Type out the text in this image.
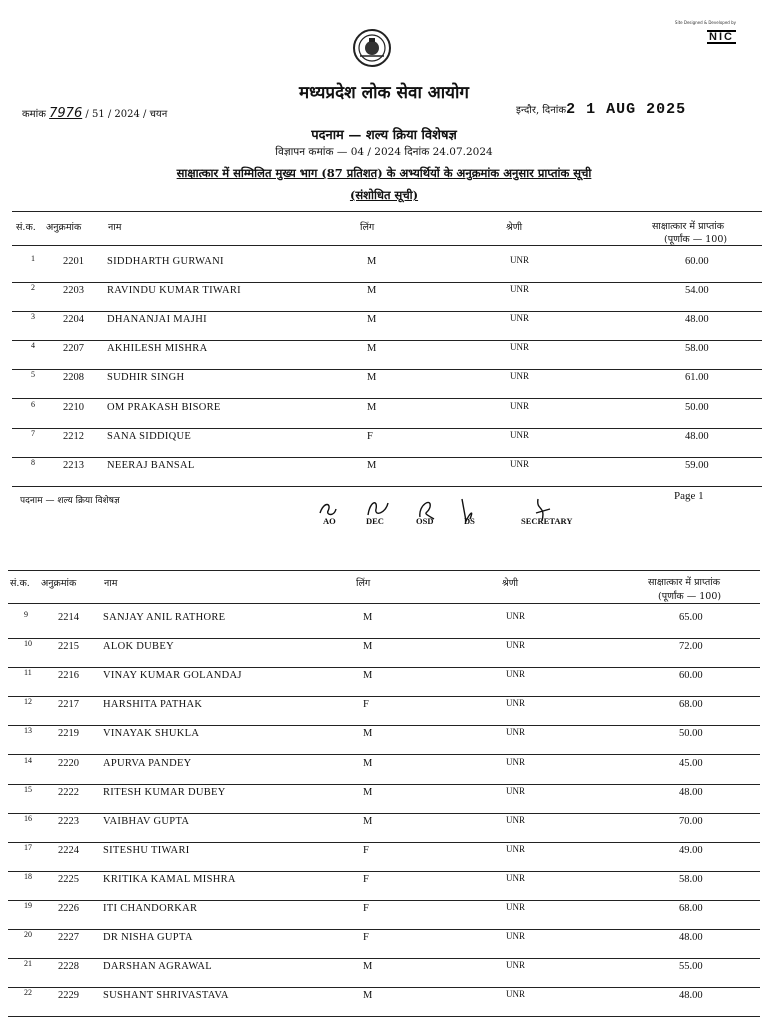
Site Designed & Developed by
NIC
मध्यप्रदेश लोक सेवा आयोग
कमांक 7976 / 51 / 2024 / चयन	इन्दौर, दिनांक2 1 AUG 2025
पदनाम — शल्य क्रिया विशेषज्ञ
विज्ञापन कमांक — 04 / 2024 दिनांक 24.07.2024
साक्षात्कार में सम्मिलित मुख्य भाग (87 प्रतिशत) के अभ्यर्थियों के अनुक्रमांक अनुसार प्राप्तांक सूची
(संशोधित सूची)
सं.क. अनुक्रमांक	नाम	लिंग	श्रेणी	साक्षात्कार में प्राप्तांक
(पूर्णांक — 100)
1	2201 SIDDHARTH GURWANI	M	UNR	60.00
2	2203 RAVINDU KUMAR TIWARI	M	UNR	54.00
3	2204 DHANANJAI MAJHI	M	UNR	48.00
4	2207 AKHILESH MISHRA	M	UNR	58.00
5	2208 SUDHIR SINGH	M	UNR	61.00
6	2210 OM PRAKASH BISORE	M	UNR	50.00
7	2212 SANA SIDDIQUE	F	UNR	48.00
8	2213 NEERAJ BANSAL	M	UNR	59.00
पदनाम — शल्य क्रिया विशेषज्ञ	Page 1
AO	DEC	OSD	DS	SECRETARY
सं.क. अनुक्रमांक	नाम	लिंग	श्रेणी	साक्षात्कार में प्राप्तांक
(पूर्णांक — 100)
9	2214 SANJAY ANIL RATHORE	M	UNR	65.00
10 2215 ALOK DUBEY	M	UNR	72.00
11	2216 VINAY KUMAR GOLANDAJ	M	UNR	60.00
12 2217 HARSHITA PATHAK	F	UNR	68.00
13 2219 VINAYAK SHUKLA	M	UNR	50.00
14 2220 APURVA PANDEY	M	UNR	45.00
15 2222 RITESH KUMAR DUBEY	M	UNR	48.00
16 2223 VAIBHAV GUPTA	M	UNR	70.00
17 2224 SITESHU TIWARI	F	UNR	49.00
18 2225 KRITIKA KAMAL MISHRA	F	UNR	58.00
19 2226 ITI CHANDORKAR	F	UNR	68.00
20 2227 DR NISHA GUPTA	F	UNR	48.00
21 2228 DARSHAN AGRAWAL	M	UNR	55.00
22 2229 SUSHANT SHRIVASTAVA	M	UNR	48.00
